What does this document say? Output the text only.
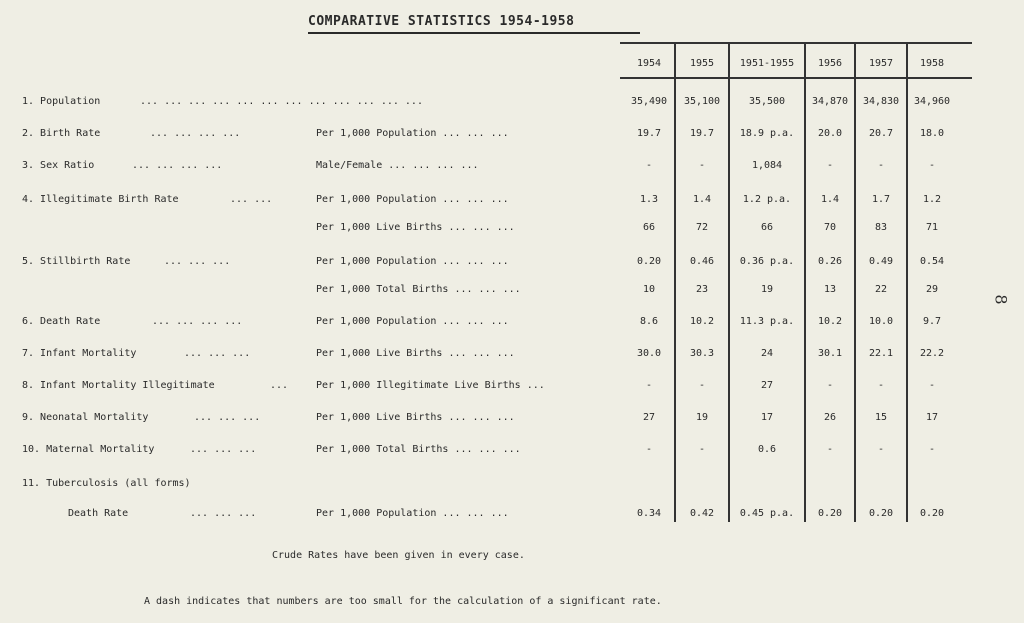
COMPARATIVE STATISTICS 1954-1958
1954	1955	1951-1955	1956	1957	1958
1. Population	... ... ... ... ... ... ... ... ... ... ... ...	35,490	35,100	35,500	34,870	34,830	34,960
2. Birth Rate	... ... ... ...	Per 1,000 Population ... ... ...	19.7	19.7	18.9 p.a.	20.0	20.7	18.0
3. Sex Ratio	... ... ... ...	Male/Female ... ... ... ...	-	-	1,084	-	-	-
4. Illegitimate Birth Rate	... ...	Per 1,000 Population ... ... ...	1.3	1.4	1.2 p.a.	1.4	1.7	1.2
Per 1,000 Live Births ... ... ...	66	72	66	70	83	71
5. Stillbirth Rate	... ... ...	Per 1,000 Population ... ... ...	0.20	0.46	0.36 p.a.	0.26	0.49	0.54
Per 1,000 Total Births ... ... ...	10	23	19	13	22	29
6. Death Rate	... ... ... ...	Per 1,000 Population ... ... ...	8.6	10.2	11.3 p.a.	10.2	10.0	9.7
7. Infant Mortality	... ... ...	Per 1,000 Live Births ... ... ...	30.0	30.3	24	30.1	22.1	22.2
8. Infant Mortality Illegitimate	...	Per 1,000 Illegitimate Live Births ...	-	-	27	-	-	-
9. Neonatal Mortality	... ... ...	Per 1,000 Live Births ... ... ...	27	19	17	26	15	17
10. Maternal Mortality	... ... ...	Per 1,000 Total Births ... ... ...	-	-	0.6	-	-	-
11. Tuberculosis (all forms)
Death Rate	... ... ...	Per 1,000 Population ... ... ...	0.34	0.42	0.45 p.a.	0.20	0.20	0.20
Crude Rates have been given in every case.
A dash indicates that numbers are too small for the calculation of a significant rate.
8
